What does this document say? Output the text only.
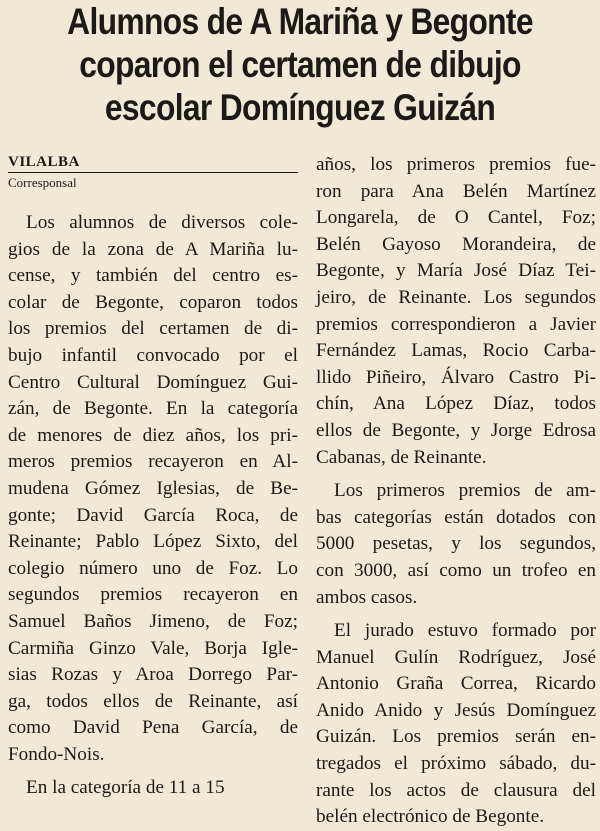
Alumnos de A Mariña y Begonte
coparon el certamen de dibujo
escolar Domínguez Guizán
VILALBA
Corresponsal
Los alumnos de diversos cole-
gios de la zona de A Mariña lu-
cense, y también del centro es-
colar de Begonte, coparon todos
los premios del certamen de di-
bujo infantil convocado por el
Centro Cultural Domínguez Gui-
zán, de Begonte. En la categoría
de menores de diez años, los pri-
meros premios recayeron en Al-
mudena Gómez Iglesias, de Be-
gonte; David García Roca, de
Reinante; Pablo López Sixto, del
colegio número uno de Foz. Lo
segundos premios recayeron en
Samuel Baños Jimeno, de Foz;
Carmiña Ginzo Vale, Borja Igle-
sias Rozas y Aroa Dorrego Par-
ga, todos ellos de Reinante, así
como David Pena García, de
Fondo-Nois.
En la categoría de 11 a 15
años, los primeros premios fue-
ron para Ana Belén Martínez
Longarela, de O Cantel, Foz;
Belén Gayoso Morandeira, de
Begonte, y María José Díaz Tei-
jeiro, de Reinante. Los segundos
premios correspondieron a Javier
Fernández Lamas, Rocio Carba-
llido Piñeiro, Álvaro Castro Pi-
chín, Ana López Díaz, todos
ellos de Begonte, y Jorge Edrosa
Cabanas, de Reinante.
Los primeros premios de am-
bas categorías están dotados con
5000 pesetas, y los segundos,
con 3000, así como un trofeo en
ambos casos.
El jurado estuvo formado por
Manuel Gulín Rodríguez, José
Antonio Graña Correa, Ricardo
Anido Anido y Jesús Domínguez
Guizán. Los premios serán en-
tregados el próximo sábado, du-
rante los actos de clausura del
belén electrónico de Begonte.
